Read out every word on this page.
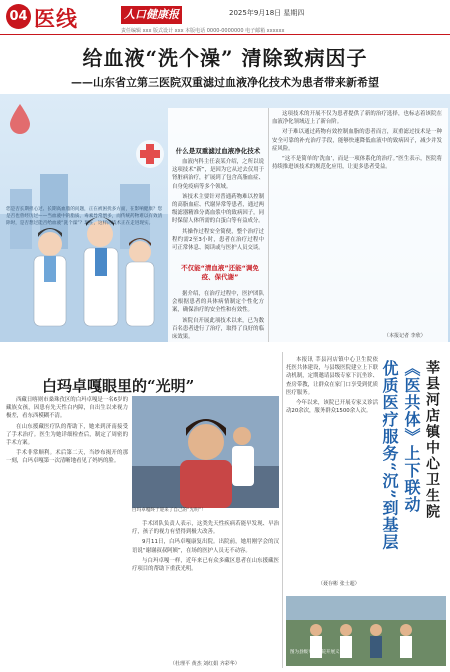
04 医线	人口健康报	2025年9月18日 星期四
责任编辑 xxx 版式设计 xxx 本版电话 0000-0000000 电子邮箱 xxxxxx
给血液“洗个澡” 清除致病因子
——山东省立第三医院双重滤过血液净化技术为患者带来新希望
您是否长期担心过、长期高血脂的问题，正在被困扰多方面，在影响健康？您是否也曾经历过——当血液中的脂质、毒素异常增多，而传统药物难以有效清除时，是否想过能否给血液“洗个澡”？现在，这样的技术正在走进现实。
什么是双重滤过血液净化技术

血液内科主任袁某介绍，之所以说这项技术“新”，是因为它从过去仅用于肾脏病治疗，扩展到了包含高脂血症、自身免疫病等多个领域。

该技术主要针对普通药物难以控制的高脂血症、代谢异常等患者，通过两级滤器精准分离血浆中的致病因子，同时保留人体所需的白蛋白等有益成分。

其操作过程安全简便，整个治疗过程约需2至3小时，患者在治疗过程中可正常休息、阅读或与医护人员交谈。

不仅能“清血液”还能“调免疫、保代谢”

据介绍，在治疗过程中，医护团队会根据患者的具体病情制定个性化方案，确保治疗的安全性和有效性。

该院自开展此项技术以来，已为数百名患者进行了治疗，取得了良好的临床效果。

这项技术的开展不仅为患者提供了新的治疗选择，也标志着该院在血液净化领域迈上了新台阶。

对于难以通过药物有效控制血脂的患者而言，双重滤过技术是一种安全可靠的补充治疗手段，能够快速降低血液中的致病因子，减少并发症风险。

“这不是简单的‘洗血’，而是一项体系化的治疗。”医生表示，医院将持续推进该技术的规范化应用，让更多患者受益。

（本报记者 李欣）
白玛卓嘎眼里的“光明”

西藏日喀则市桑珠孜区的白玛卓嘎是一名6岁的藏族女孩，因患有先天性白内障，自出生以来视力极差，看东西模糊不清。

在山东援藏医疗队的帮助下，她来到济南接受了手术治疗。医生为她详细检查后，制定了周密的手术方案。

手术非常顺利。术后第二天，当纱布揭开的那一刻，白玛卓嘎第一次清晰地看见了妈妈的脸。

白玛卓嘎终于迎来了自己的“光明”！

手术团队负责人表示，这类先天性疾病若能早发现、早治疗，孩子的视力有望得到极大改善。

9月11日，白玛卓嘎康复出院。出院前，她用刚学会的汉语说“谢谢叔叔阿姨”，在场的医护人员无不动容。

与白玛卓嘎一样，近年来已有众多藏区患者在山东援藏医疗项目的帮助下重获光明。

（杜理平 黄杰 刘红娟 齐彩华）
莘县河店镇中心卫生院
《医共体》上下联动
优质医疗服务“沉”到基层

本报讯 莘县河店镇中心卫生院依托医共体建设，与县级医院建立上下联动机制，定期邀请县级专家下沉坐诊、查房带教，让群众在家门口享受到优质医疗服务。

今年以来，该院已开展专家义诊活动20余次，服务群众1500余人次。

（聂存彬 张士超）
图为县级专家来院开展义诊
